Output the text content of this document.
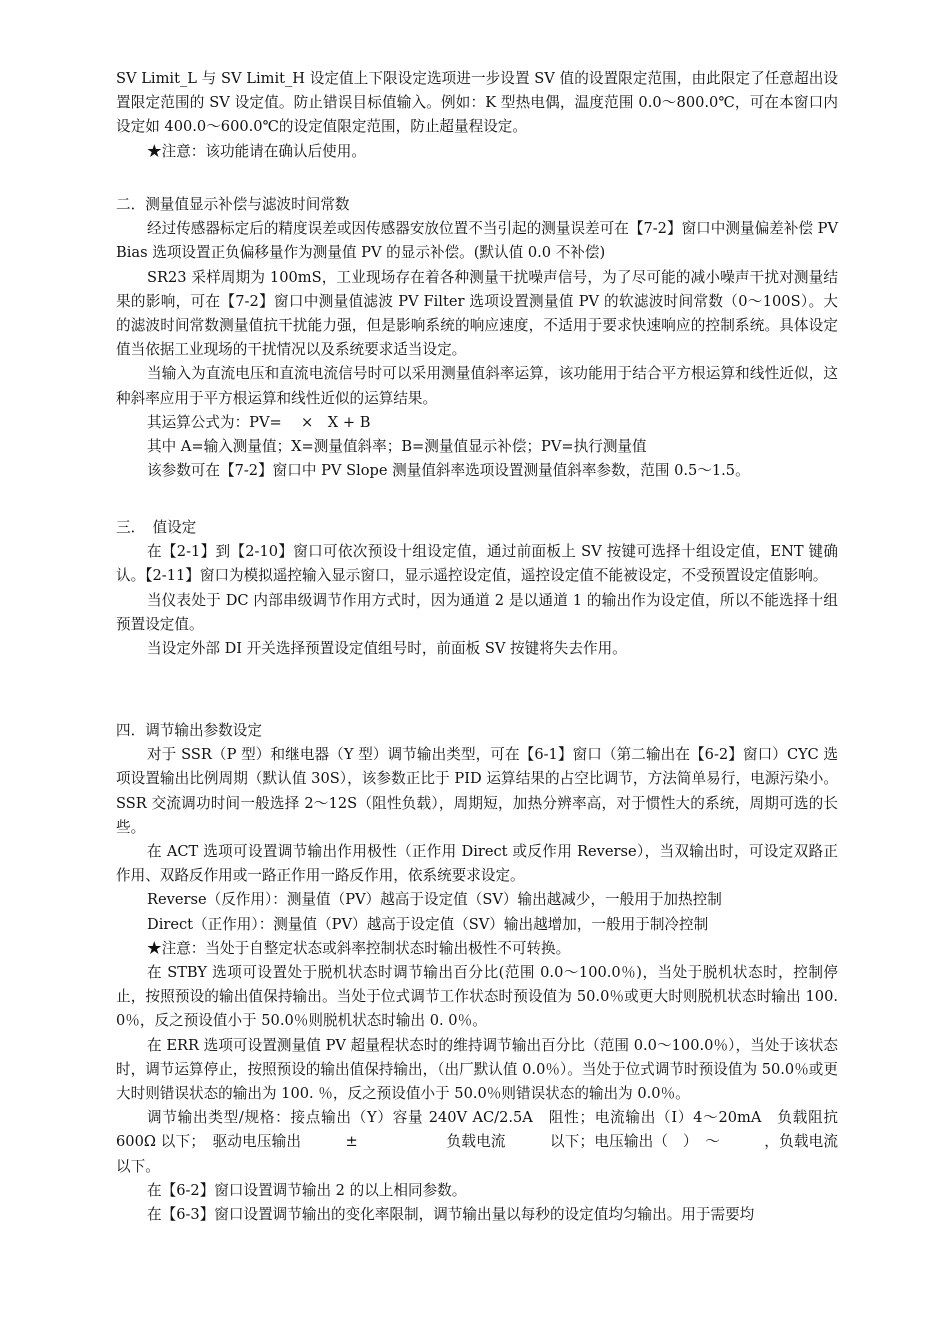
SV Limit_L 与 SV Limit_H 设定值上下限设定选项进一步设置 SV 值的设置限定范围，由此限定了任意超出设置限定范围的 SV 设定值。防止错误目标值输入。例如：K 型热电偶，温度范围 0.0～800.0℃，可在本窗口内设定如 400.0～600.0℃的设定值限定范围，防止超量程设定。

★注意：该功能请在确认后使用。

二．测量值显示补偿与滤波时间常数

经过传感器标定后的精度误差或因传感器安放位置不当引起的测量误差可在【7-2】窗口中测量偏差补偿 PV Bias 选项设置正负偏移量作为测量值 PV 的显示补偿。(默认值 0.0 不补偿)

SR23 采样周期为 100mS，工业现场存在着各种测量干扰噪声信号，为了尽可能的减小噪声干扰对测量结果的影响，可在【7-2】窗口中测量值滤波 PV Filter 选项设置测量值 PV 的软滤波时间常数（0～100S）。大的滤波时间常数测量值抗干扰能力强，但是影响系统的响应速度，不适用于要求快速响应的控制系统。具体设定值当依据工业现场的干扰情况以及系统要求适当设定。

当输入为直流电压和直流电流信号时可以采用测量值斜率运算，该功能用于结合平方根运算和线性近似，这种斜率应用于平方根运算和线性近似的运算结果。

其运算公式为：PV=　 ×　X + B

其中 A=输入测量值；X=测量值斜率；B=测量值显示补偿；PV=执行测量值

该参数可在【7-2】窗口中 PV Slope 测量值斜率选项设置测量值斜率参数，范围 0.5～1.5。

三．　值设定

在【2-1】到【2-10】窗口可依次预设十组设定值，通过前面板上 SV 按键可选择十组设定值，ENT 键确认。【2-11】窗口为模拟遥控输入显示窗口，显示遥控设定值，遥控设定值不能被设定，不受预置设定值影响。

当仪表处于 DC 内部串级调节作用方式时，因为通道 2 是以通道 1 的输出作为设定值，所以不能选择十组预置设定值。

当设定外部 DI 开关选择预置设定值组号时，前面板 SV 按键将失去作用。

四．调节输出参数设定

对于 SSR（P 型）和继电器（Y 型）调节输出类型，可在【6-1】窗口（第二输出在【6-2】窗口）CYC 选项设置输出比例周期（默认值 30S），该参数正比于 PID 运算结果的占空比调节，方法简单易行，电源污染小。SSR 交流调功时间一般选择 2～12S（阻性负载），周期短，加热分辨率高，对于惯性大的系统，周期可选的长些。

在 ACT 选项可设置调节输出作用极性（正作用 Direct 或反作用 Reverse），当双输出时，可设定双路正作用、双路反作用或一路正作用一路反作用，依系统要求设定。

Reverse（反作用）：测量值（PV）越高于设定值（SV）输出越减少，一般用于加热控制

Direct（正作用）：测量值（PV）越高于设定值（SV）输出越增加，一般用于制冷控制

★注意：当处于自整定状态或斜率控制状态时输出极性不可转换。

在 STBY 选项可设置处于脱机状态时调节输出百分比(范围 0.0～100.0％)，当处于脱机状态时，控制停止，按照预设的输出值保持输出。当处于位式调节工作状态时预设值为 50.0％或更大时则脱机状态时输出 100. 0％，反之预设值小于 50.0％则脱机状态时输出 0. 0％。

在 ERR 选项可设置测量值 PV 超量程状态时的维持调节输出百分比（范围 0.0～100.0％），当处于该状态时，调节运算停止，按照预设的输出值保持输出，（出厂默认值 0.0％）。当处于位式调节时预设值为 50.0％或更大时则错误状态的输出为 100. ％，反之预设值小于 50.0％则错误状态的输出为 0.0％。

调节输出类型/规格：接点输出（Y）容量 240V AC/2.5A　阻性；电流输出（I）4～20mA　负载阻抗 600Ω 以下；　驱动电压输出　　　±　　　　　　负载电流　　　以下；电压输出（　）　～　　　，负载电流　　　以下。

在【6-2】窗口设置调节输出 2 的以上相同参数。

在【6-3】窗口设置调节输出的变化率限制，调节输出量以每秒的设定值均匀输出。用于需要均
